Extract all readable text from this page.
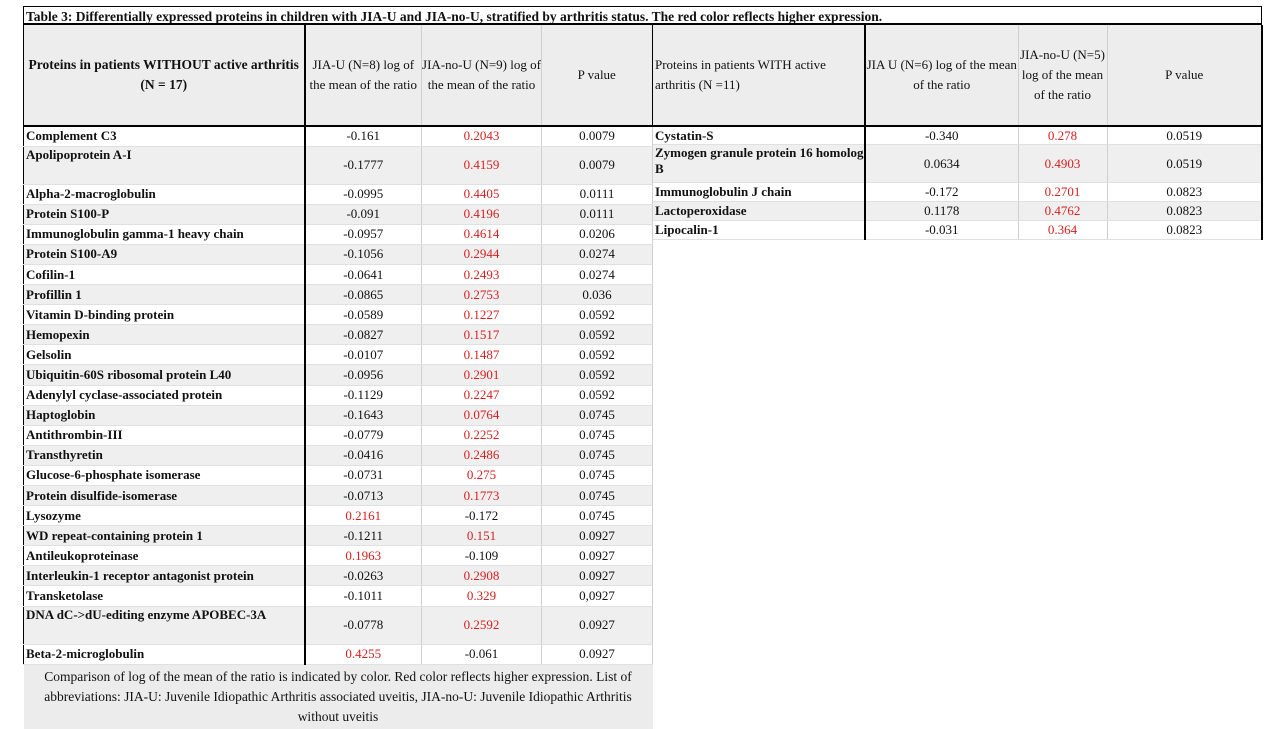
Table 3: Differentially expressed proteins in children with JIA-U and JIA-no-U, stratified by arthritis status. The red color reflects higher expression.
Proteins in patients WITHOUT active arthritis (N = 17)	JIA-U (N=8) log of the mean of the ratio	JIA-no-U (N=9) log of the mean of the ratio	P value
Complement C3	-0.161	0.2043	0.0079
Apolipoprotein A-I	-0.1777	0.4159	0.0079
Alpha-2-macroglobulin	-0.0995	0.4405	0.0111
Protein S100-P	-0.091	0.4196	0.0111
Immunoglobulin gamma-1 heavy chain	-0.0957	0.4614	0.0206
Protein S100-A9	-0.1056	0.2944	0.0274
Cofilin-1	-0.0641	0.2493	0.0274
Profillin 1	-0.0865	0.2753	0.036
Vitamin D-binding protein	-0.0589	0.1227	0.0592
Hemopexin	-0.0827	0.1517	0.0592
Gelsolin	-0.0107	0.1487	0.0592
Ubiquitin-60S ribosomal protein L40	-0.0956	0.2901	0.0592
Adenylyl cyclase-associated protein	-0.1129	0.2247	0.0592
Haptoglobin	-0.1643	0.0764	0.0745
Antithrombin-III	-0.0779	0.2252	0.0745
Transthyretin	-0.0416	0.2486	0.0745
Glucose-6-phosphate isomerase	-0.0731	0.275	0.0745
Protein disulfide-isomerase	-0.0713	0.1773	0.0745
Lysozyme	0.2161	-0.172	0.0745
WD repeat-containing protein 1	-0.1211	0.151	0.0927
Antileukoproteinase	0.1963	-0.109	0.0927
Interleukin-1 receptor antagonist protein	-0.0263	0.2908	0.0927
Transketolase	-0.1011	0.329	0,0927
DNA dC->dU-editing enzyme APOBEC-3A	-0.0778	0.2592	0.0927
Beta-2-microglobulin	0.4255	-0.061	0.0927
Comparison of log of the mean of the ratio is indicated by color. Red color reflects higher expression. List of abbreviations: JIA-U: Juvenile Idiopathic Arthritis associated uveitis, JIA-no-U: Juvenile Idiopathic Arthritis without uveitis			
Proteins in patients WITH active arthritis (N =11)	JIA U (N=6) log of the mean of the ratio	JIA-no-U (N=5) log of the mean of the ratio	P value
Cystatin-S	-0.340	0.278	0.0519
Zymogen granule protein 16 homolog B	0.0634	0.4903	0.0519
Immunoglobulin J chain	-0.172	0.2701	0.0823
Lactoperoxidase	0.1178	0.4762	0.0823
Lipocalin-1	-0.031	0.364	0.0823
